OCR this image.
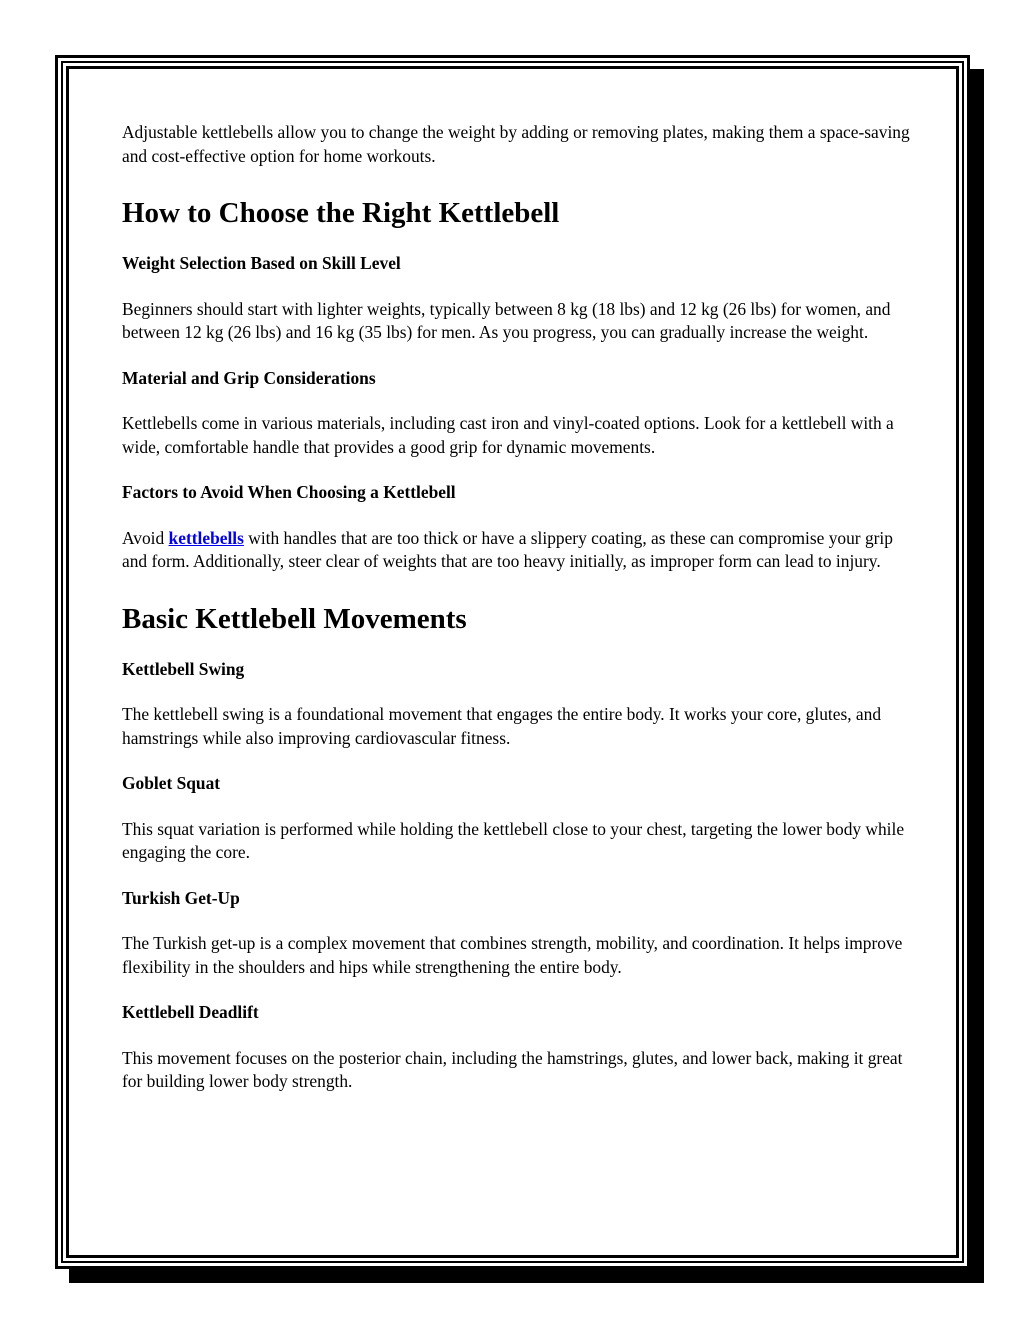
Adjustable kettlebells allow you to change the weight by adding or removing plates, making them a space-saving and cost-effective option for home workouts.

How to Choose the Right Kettlebell
Weight Selection Based on Skill Level

Beginners should start with lighter weights, typically between 8 kg (18 lbs) and 12 kg (26 lbs) for women, and between 12 kg (26 lbs) and 16 kg (35 lbs) for men. As you progress, you can gradually increase the weight.

Material and Grip Considerations

Kettlebells come in various materials, including cast iron and vinyl-coated options. Look for a kettlebell with a wide, comfortable handle that provides a good grip for dynamic movements.

Factors to Avoid When Choosing a Kettlebell

Avoid kettlebells with handles that are too thick or have a slippery coating, as these can compromise your grip and form. Additionally, steer clear of weights that are too heavy initially, as improper form can lead to injury.

Basic Kettlebell Movements
Kettlebell Swing

The kettlebell swing is a foundational movement that engages the entire body. It works your core, glutes, and hamstrings while also improving cardiovascular fitness.

Goblet Squat

This squat variation is performed while holding the kettlebell close to your chest, targeting the lower body while engaging the core.

Turkish Get-Up

The Turkish get-up is a complex movement that combines strength, mobility, and coordination. It helps improve flexibility in the shoulders and hips while strengthening the entire body.

Kettlebell Deadlift

This movement focuses on the posterior chain, including the hamstrings, glutes, and lower back, making it great for building lower body strength.
